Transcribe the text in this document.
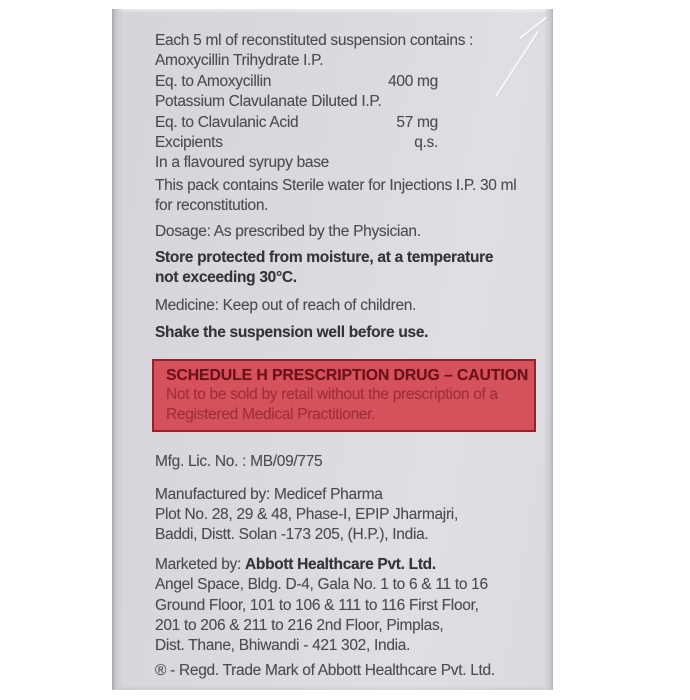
Each 5 ml of reconstituted suspension contains :
Amoxycillin Trihydrate I.P.
Eq. to Amoxycillin	400 mg
Potassium Clavulanate Diluted I.P.
Eq. to Clavulanic Acid	57 mg
Excipients	q.s.
In a flavoured syrupy base
This pack contains Sterile water for Injections I.P. 30 ml
for reconstitution.
Dosage: As prescribed by the Physician.
Store protected from moisture, at a temperature
not exceeding 30°C.
Medicine: Keep out of reach of children.
Shake the suspension well before use.
SCHEDULE H PRESCRIPTION DRUG – CAUTION
Not to be sold by retail without the prescription of a
Registered Medical Practitioner.
Mfg. Lic. No. : MB/09/775
Manufactured by: Medicef Pharma
Plot No. 28, 29 & 48, Phase-I, EPIP Jharmajri,
Baddi, Distt. Solan -173 205, (H.P.), India.
Marketed by: Abbott Healthcare Pvt. Ltd.
Angel Space, Bldg. D-4, Gala No. 1 to 6 & 11 to 16
Ground Floor, 101 to 106 & 111 to 116 First Floor,
201 to 206 & 211 to 216 2nd Floor, Pimplas,
Dist. Thane, Bhiwandi - 421 302, India.
® - Regd. Trade Mark of Abbott Healthcare Pvt. Ltd.
